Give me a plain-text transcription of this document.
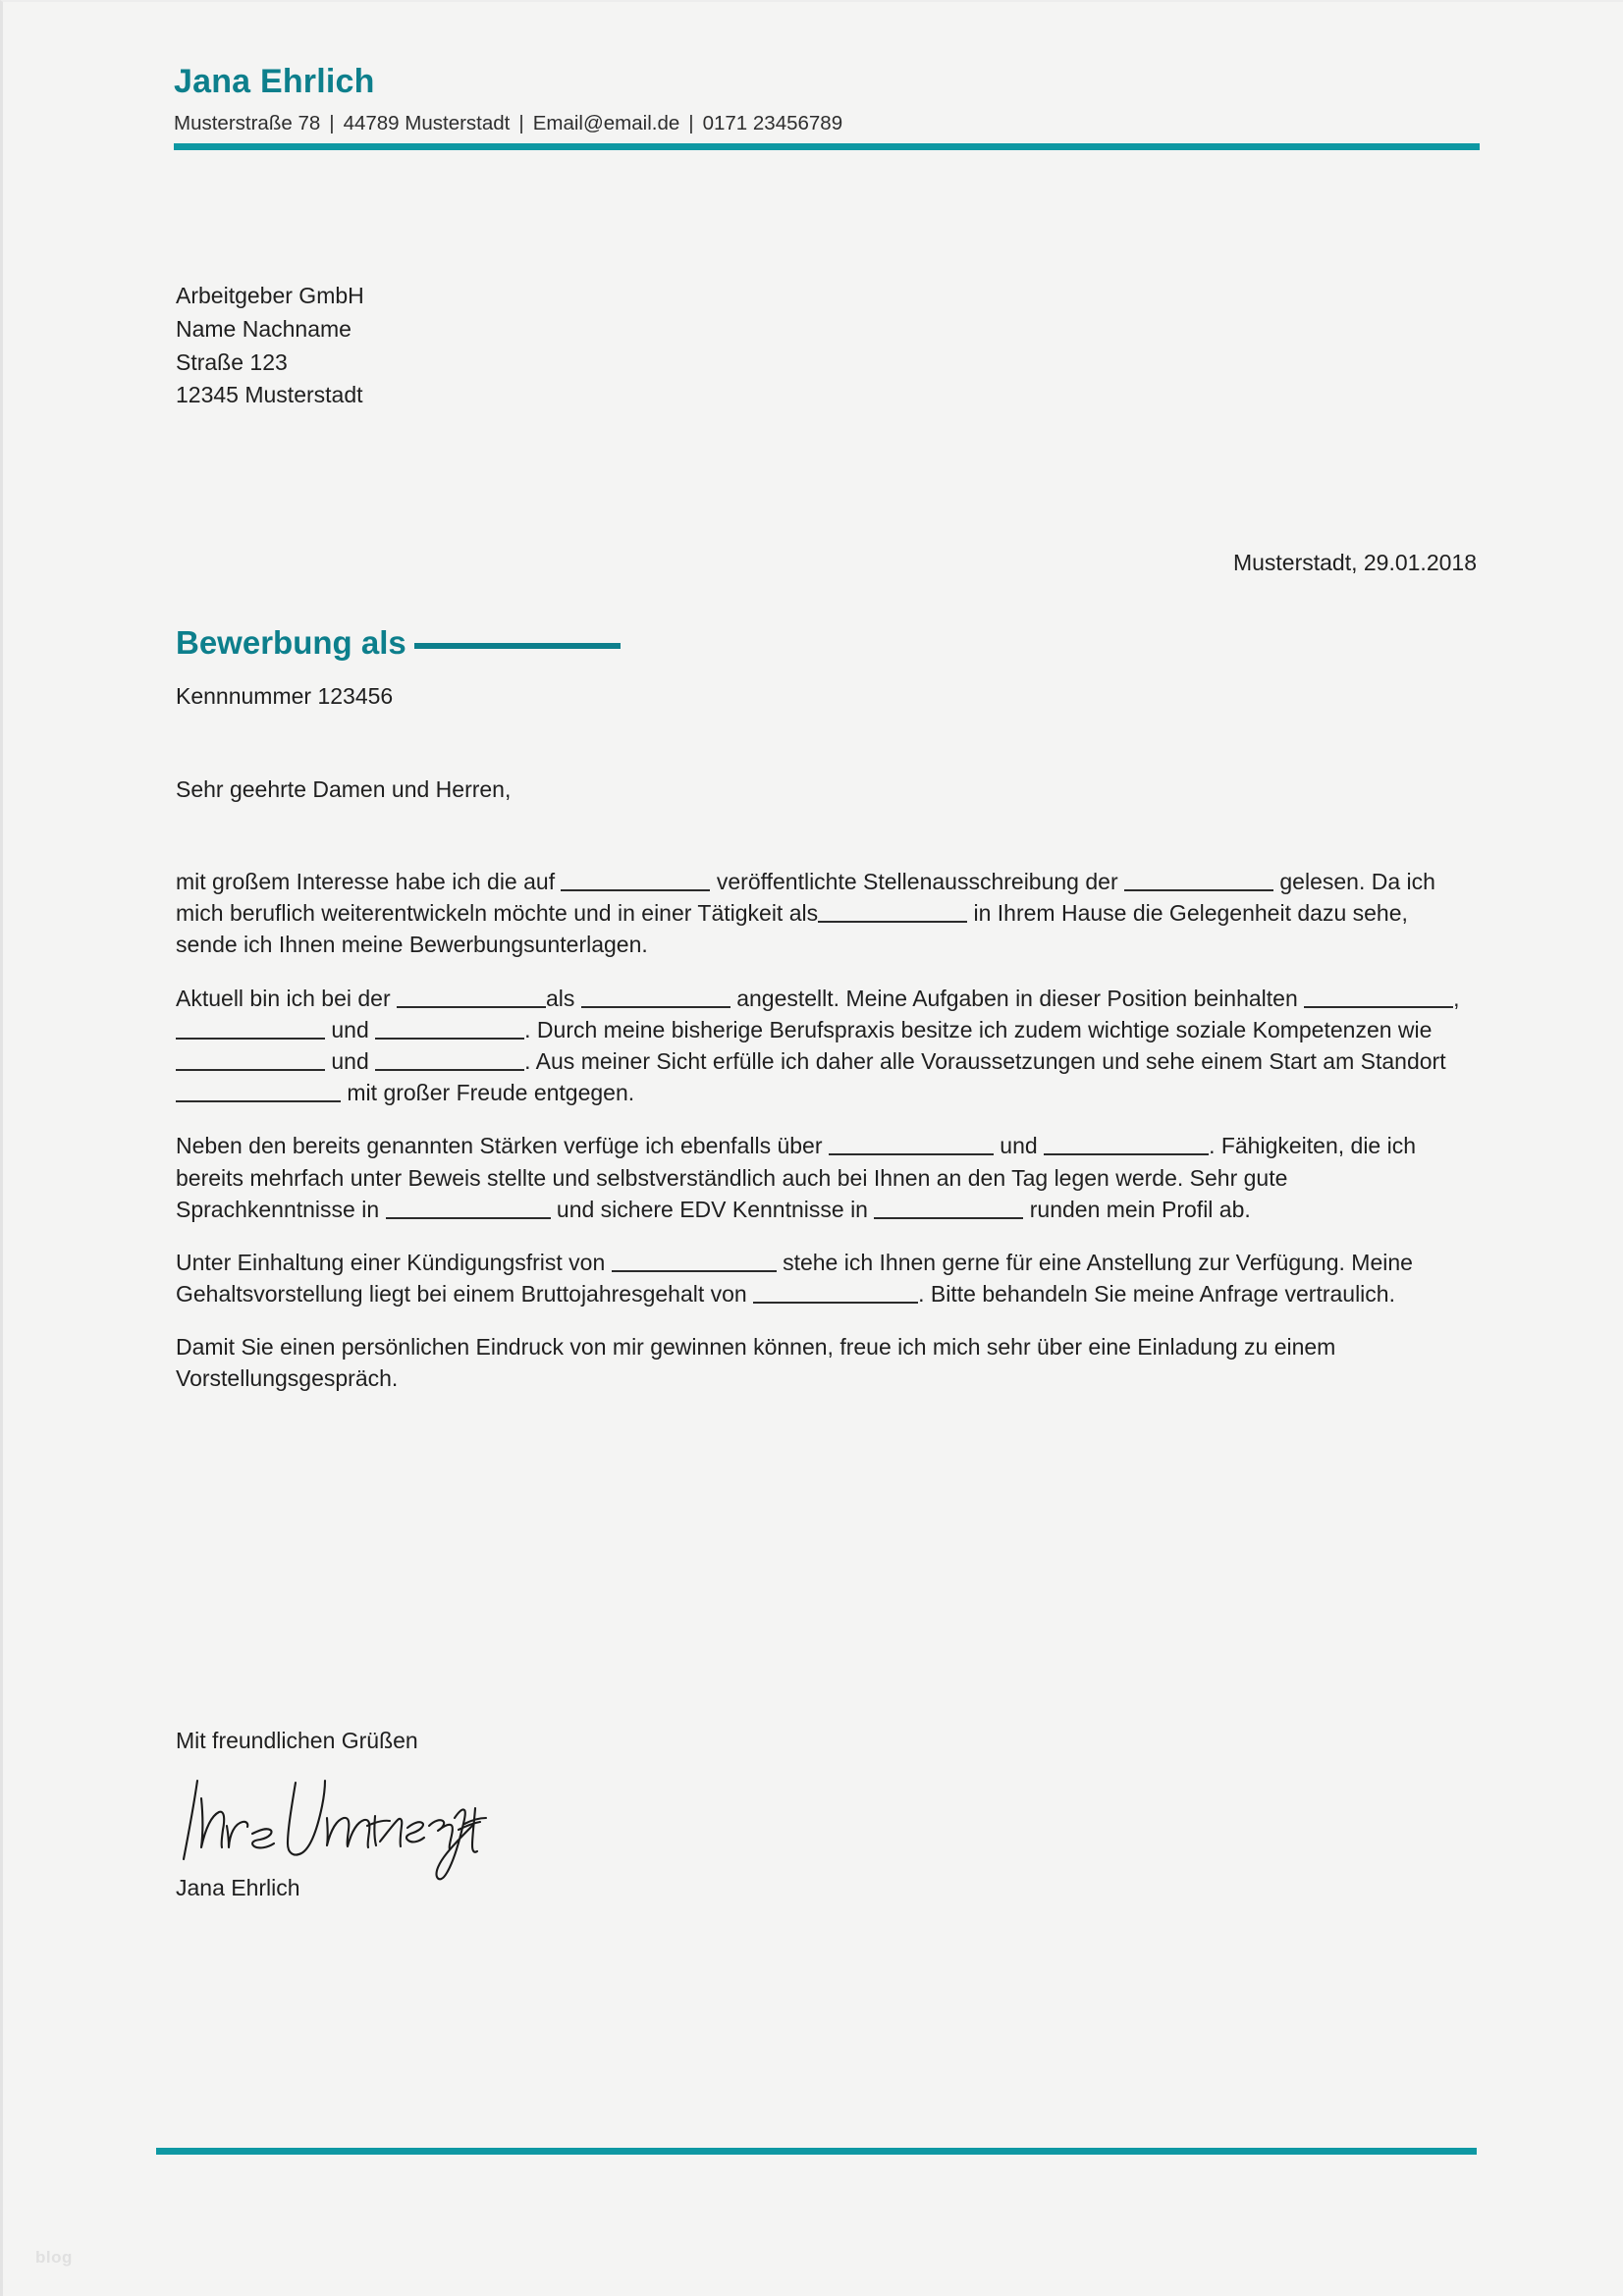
Jana Ehrlich
Musterstraße 78 | 44789 Musterstadt | Email@email.de | 0171 23456789
Arbeitgeber GmbH
Name Nachname
Straße 123
12345 Musterstadt
Musterstadt, 29.01.2018
Bewerbung als
Kennnummer 123456
Sehr geehrte Damen und Herren,

mit großem Interesse habe ich die auf	veröffentlichte Stellenausschreibung der	gelesen. Da ich mich beruflich weiterentwickeln möchte und in einer Tätigkeit als	in Ihrem Hause die Gelegenheit dazu sehe, sende ich Ihnen meine Bewerbungsunterlagen.

Aktuell bin ich bei der	als	angestellt. Meine Aufgaben in dieser Position beinhalten	,  und	. Durch meine bisherige Berufspraxis besitze ich zudem wichtige soziale Kompetenzen wie  und	. Aus meiner Sicht erfülle ich daher alle Voraussetzungen und sehe einem Start am Standort  mit großer Freude entgegen.

Neben den bereits genannten Stärken verfüge ich ebenfalls über	und	. Fähigkeiten, die ich bereits mehrfach unter Beweis stellte und selbstverständlich auch bei Ihnen an den Tag legen werde. Sehr gute Sprachkenntnisse in	und sichere EDV Kenntnisse in	runden mein Profil ab.

Unter Einhaltung einer Kündigungsfrist von	stehe ich Ihnen gerne für eine Anstellung zur Verfügung. Meine Gehaltsvorstellung liegt bei einem Bruttojahresgehalt von	. Bitte behandeln Sie meine Anfrage vertraulich.

Damit Sie einen persönlichen Eindruck von mir gewinnen können, freue ich mich sehr über eine Einladung zu einem Vorstellungsgespräch.

Mit freundlichen Grüßen
Jana Ehrlich
blog
